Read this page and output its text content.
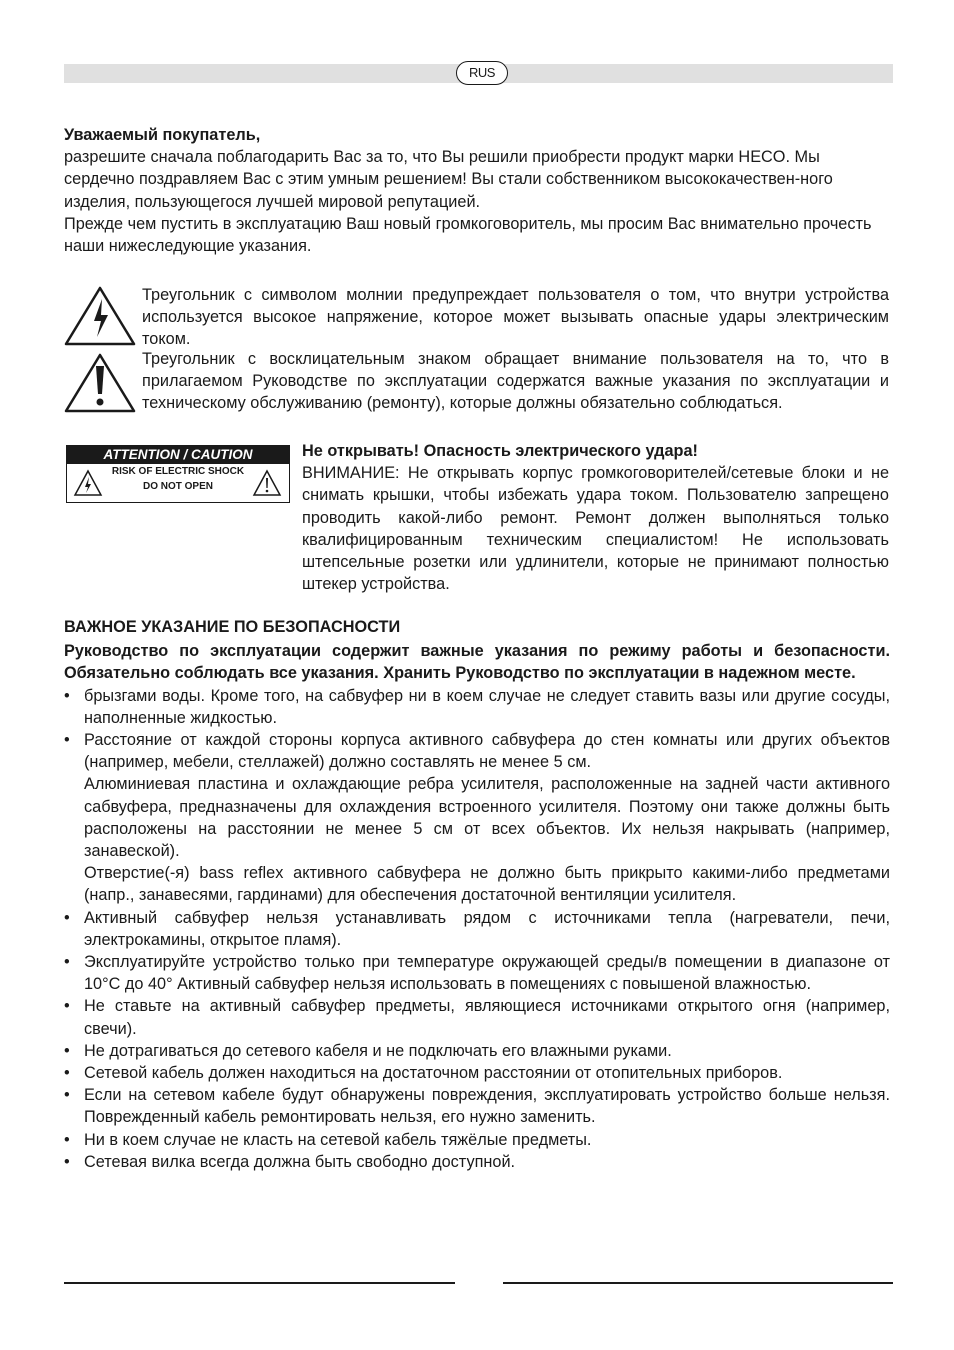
RUS

Уважаемый покупатель,

разрешите сначала поблагодарить Вас за то, что Вы решили приобрести продукт марки HECO. Мы сердечно поздравляем Вас с этим умным решением! Вы стали собственником высококачествен-ного изделия, пользующегося лучшей мировой репутацией.

Прежде чем пустить в эксплуатацию Ваш новый громкоговоритель, мы просим Вас внимательно прочесть наши нижеследующие указания.

Треугольник с символом молнии предупреждает пользователя о том, что внутри устройства используется высокое напряжение, которое может вызывать опасные удары электрическим током.

Треугольник с восклицательным знаком обращает внимание пользователя на то, что в прилагаемом Руководстве по эксплуатации содержатся важные указания по эксплуатации и техническому обслуживанию (ремонту), которые должны обязательно соблюдаться.

ATTENTION / CAUTION
RISK OF ELECTRIC SHOCK
DO NOT OPEN

Не открывать! Опасность электрического удара!

ВНИМАНИЕ: Не открывать корпус громкоговорителей/сетевые блоки и не снимать крышки, чтобы избежать удара током. Пользователю запрещено проводить какой-либо ремонт. Ремонт должен выполняться только квалифицированным техническим специалистом! Не использовать штепсельные розетки или удлинители, которые не принимают полностью штекер устройства.

ВАЖНОЕ УКАЗАНИЕ ПО БЕЗОПАСНОСТИ

Руководство по эксплуатации содержит важные указания по режиму работы и безопасности. Обязательно соблюдать все указания. Хранить Руководство по эксплуатации в надежном месте.

• брызгами воды. Кроме того, на сабвуфер ни в коем случае не следует ставить вазы или другие сосуды, наполненные жидкостью.
• Расстояние от каждой стороны корпуса активного сабвуфера до стен комнаты или других объектов (например, мебели, стеллажей) должно составлять не менее 5 см.

Алюминиевая пластина и охлаждающие ребра усилителя, расположенные на задней части активного сабвуфера, предназначены для охлаждения встроенного усилителя. Поэтому они также должны быть расположены на расстоянии не менее 5 см от всех объектов. Их нельзя накрывать (например, занавеской).

Отверстие(-я) bass reflex активного сабвуфера не должно быть прикрыто какими-либо предметами (напр., занавесями, гардинами) для обеспечения достаточной вентиляции усилителя.

• Активный сабвуфер нельзя устанавливать рядом с источниками тепла (нагреватели, печи, электрокамины, открытое пламя).
• Эксплуатируйте устройство только при температуре окружающей среды/в помещении в диапазоне от 10°C до 40° Активный сабвуфер нельзя использовать в помещениях с повышеной влажностью.
• Не ставьте на активный сабвуфер предметы, являющиеся источниками открытого огня (например, свечи).
• Не дотрагиваться до сетевого кабеля и не подключать его влажными руками.
• Сетевой кабель должен находиться на достаточном расстоянии от отопительных приборов.
• Если на сетевом кабеле будут обнаружены повреждения, эксплуатировать устройство больше нельзя. Поврежденный кабель ремонтировать нельзя, его нужно заменить.
• Ни в коем случае не класть на сетевой кабель тяжёлые предметы.
• Сетевая вилка всегда должна быть свободно доступной.
